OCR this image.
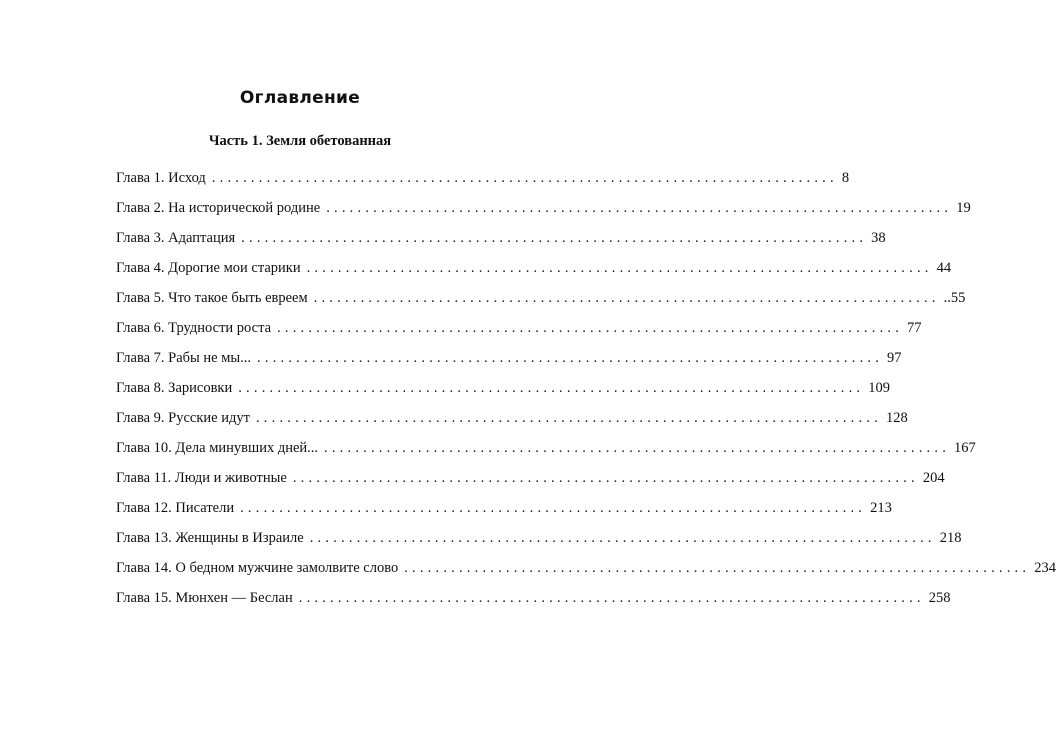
Оглавление
Часть 1. Земля обетованная
Глава 1. Исход ................................................................................ 8
Глава 2. На исторической родине ................................................................................ 19
Глава 3. Адаптация ................................................................................ 38
Глава 4. Дорогие мои старики ................................................................................ 44
Глава 5. Что такое быть евреем ................................................................................ ..55
Глава 6. Трудности роста ................................................................................ 77
Глава 7. Рабы не мы... ................................................................................ 97
Глава 8. Зарисовки ................................................................................ 109
Глава 9. Русские идут ................................................................................ 128
Глава 10. Дела минувших дней... ................................................................................ 167
Глава 11. Люди и животные ................................................................................ 204
Глава 12. Писатели ................................................................................ 213
Глава 13. Женщины в Израиле ................................................................................ 218
Глава 14. О бедном мужчине замолвите слово ................................................................................ 234
Глава 15. Мюнхен — Беслан ................................................................................ 258
